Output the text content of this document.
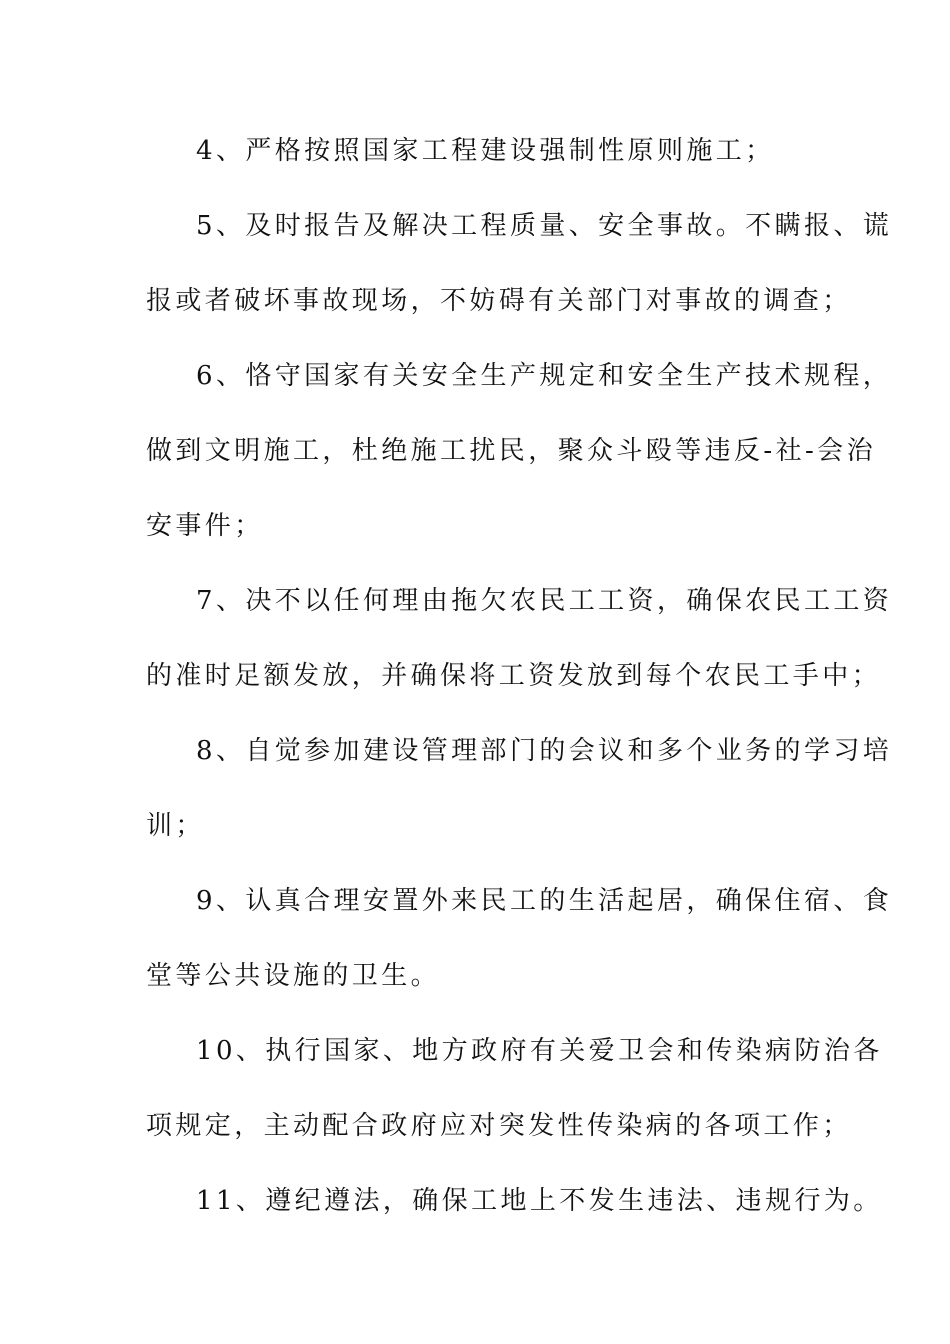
4、严格按照国家工程建设强制性原则施工；
5、及时报告及解决工程质量、安全事故。不瞒报、谎
报或者破坏事故现场，不妨碍有关部门对事故的调查；
6、恪守国家有关安全生产规定和安全生产技术规程，
做到文明施工，杜绝施工扰民，聚众斗殴等违反-社-会治
安事件；
7、决不以任何理由拖欠农民工工资，确保农民工工资
的准时足额发放，并确保将工资发放到每个农民工手中；
8、自觉参加建设管理部门的会议和多个业务的学习培
训；
9、认真合理安置外来民工的生活起居，确保住宿、食
堂等公共设施的卫生。
10、执行国家、地方政府有关爱卫会和传染病防治各
项规定，主动配合政府应对突发性传染病的各项工作；
11、遵纪遵法，确保工地上不发生违法、违规行为。
